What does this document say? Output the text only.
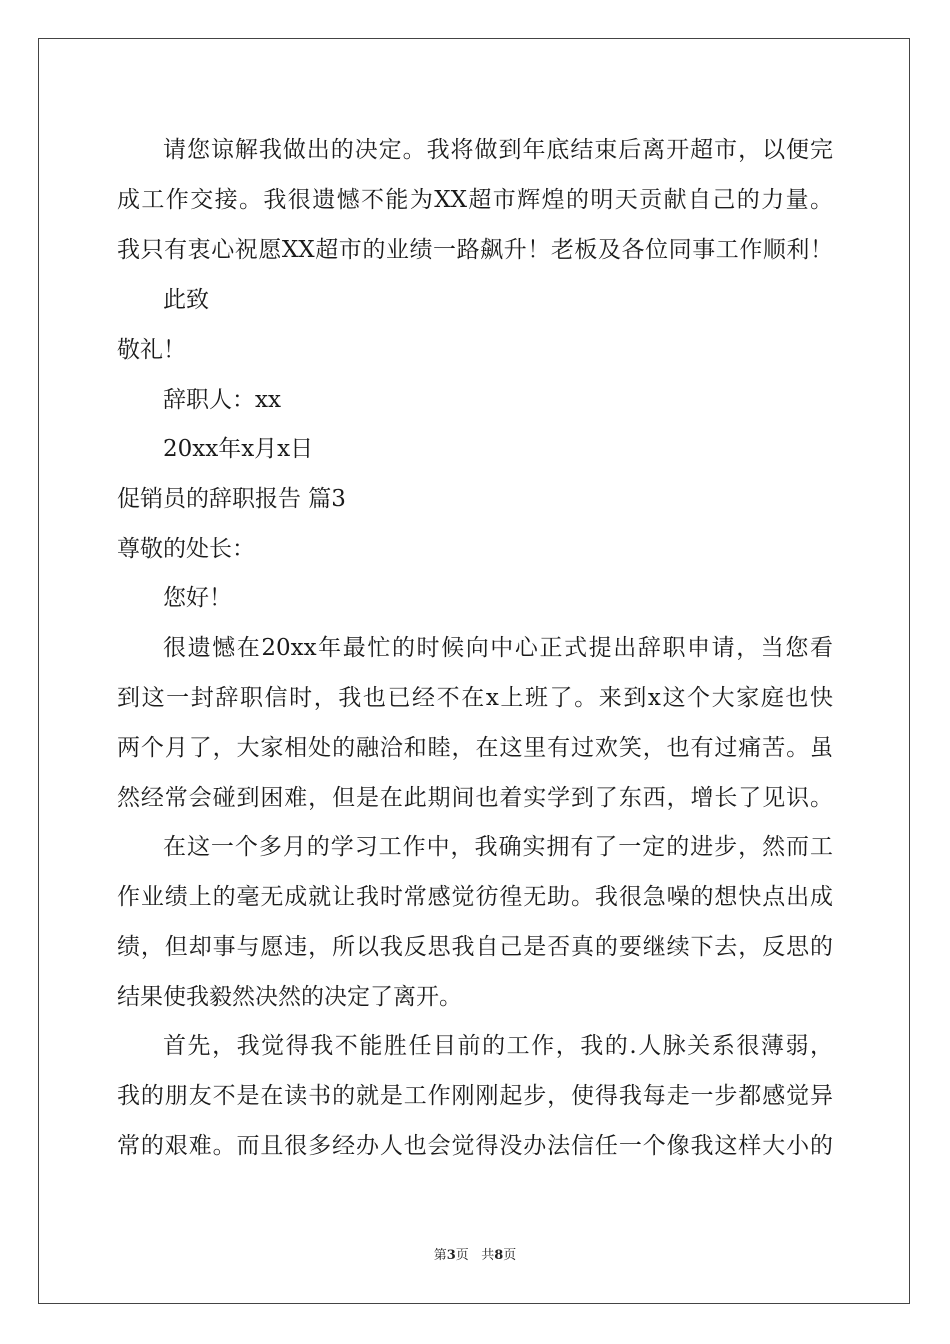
请您谅解我做出的决定。我将做到年底结束后离开超市，以便完
成工作交接。我很遗憾不能为XX超市辉煌的明天贡献自己的力量。
我只有衷心祝愿XX超市的业绩一路飙升！老板及各位同事工作顺利！
此致
敬礼！
辞职人：xx
20xx年x月x日
促销员的辞职报告 篇3
尊敬的处长：
您好！
很遗憾在20xx年最忙的时候向中心正式提出辞职申请，当您看
到这一封辞职信时，我也已经不在x上班了。来到x这个大家庭也快
两个月了，大家相处的融洽和睦，在这里有过欢笑，也有过痛苦。虽
然经常会碰到困难，但是在此期间也着实学到了东西，增长了见识。
在这一个多月的学习工作中，我确实拥有了一定的进步，然而工
作业绩上的毫无成就让我时常感觉彷徨无助。我很急噪的想快点出成
绩，但却事与愿违，所以我反思我自己是否真的要继续下去，反思的
结果使我毅然决然的决定了离开。
首先，我觉得我不能胜任目前的工作，我的.人脉关系很薄弱，
我的朋友不是在读书的就是工作刚刚起步，使得我每走一步都感觉异
常的艰难。而且很多经办人也会觉得没办法信任一个像我这样大小的
第3页 共8页
